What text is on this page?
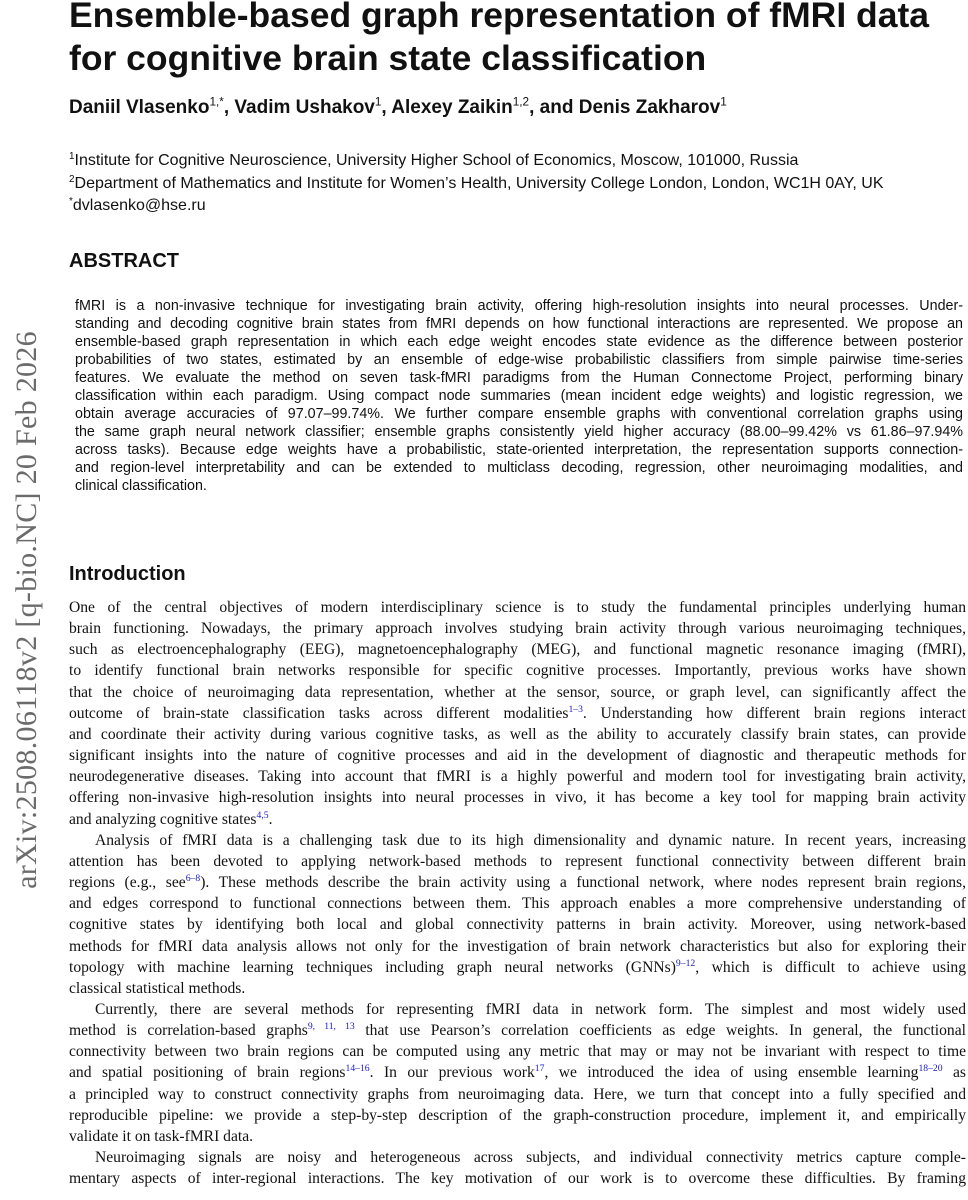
arXiv:2508.06118v2 [q-bio.NC] 20 Feb 2026
Ensemble-based graph representation of fMRI data
for cognitive brain state classification
Daniil Vlasenko$^{1,*}$, Vadim Ushakov$^1$, Alexey Zaikin$^{1,2}$, and Denis Zakharov$^1$
$^1$Institute for Cognitive Neuroscience, University Higher School of Economics, Moscow, 101000, Russia
$^2$Department of Mathematics and Institute for Women’s Health, University College London, London, WC1H 0AY, UK
*dvlasenko@hse.ru
ABSTRACT
fMRI is a non-invasive technique for investigating brain activity, offering high-resolution insights into neural processes. Under-
standing and decoding cognitive brain states from fMRI depends on how functional interactions are represented. We propose an
ensemble-based graph representation in which each edge weight encodes state evidence as the difference between posterior
probabilities of two states, estimated by an ensemble of edge-wise probabilistic classifiers from simple pairwise time-series
features. We evaluate the method on seven task-fMRI paradigms from the Human Connectome Project, performing binary
classification within each paradigm. Using compact node summaries (mean incident edge weights) and logistic regression, we
obtain average accuracies of 97.07–99.74%. We further compare ensemble graphs with conventional correlation graphs using
the same graph neural network classifier; ensemble graphs consistently yield higher accuracy (88.00–99.42% vs 61.86–97.94%
across tasks). Because edge weights have a probabilistic, state-oriented interpretation, the representation supports connection-
and region-level interpretability and can be extended to multiclass decoding, regression, other neuroimaging modalities, and
clinical classification.
Introduction
One of the central objectives of modern interdisciplinary science is to study the fundamental principles underlying human
brain functioning. Nowadays, the primary approach involves studying brain activity through various neuroimaging techniques,
such as electroencephalography (EEG), magnetoencephalography (MEG), and functional magnetic resonance imaging (fMRI),
to identify functional brain networks responsible for specific cognitive processes. Importantly, previous works have shown
that the choice of neuroimaging data representation, whether at the sensor, source, or graph level, can significantly affect the
outcome of brain-state classification tasks across different modalities$^{1-3}$. Understanding how different brain regions interact
and coordinate their activity during various cognitive tasks, as well as the ability to accurately classify brain states, can provide
significant insights into the nature of cognitive processes and aid in the development of diagnostic and therapeutic methods for
neurodegenerative diseases. Taking into account that fMRI is a highly powerful and modern tool for investigating brain activity,
offering non-invasive high-resolution insights into neural processes in vivo, it has become a key tool for mapping brain activity
and analyzing cognitive states$^{4,5}$.
Analysis of fMRI data is a challenging task due to its high dimensionality and dynamic nature. In recent years, increasing
attention has been devoted to applying network-based methods to represent functional connectivity between different brain
regions (e.g., see$^{6-8}$). These methods describe the brain activity using a functional network, where nodes represent brain regions,
and edges correspond to functional connections between them. This approach enables a more comprehensive understanding of
cognitive states by identifying both local and global connectivity patterns in brain activity. Moreover, using network-based
methods for fMRI data analysis allows not only for the investigation of brain network characteristics but also for exploring their
topology with machine learning techniques including graph neural networks (GNNs)$^{9-12}$, which is difficult to achieve using
classical statistical methods.
Currently, there are several methods for representing fMRI data in network form. The simplest and most widely used
method is correlation-based graphs$^{9, 11, 13}$ that use Pearson’s correlation coefficients as edge weights. In general, the functional
connectivity between two brain regions can be computed using any metric that may or may not be invariant with respect to time
and spatial positioning of brain regions$^{14-16}$. In our previous work$^{17}$, we introduced the idea of using ensemble learning$^{18-20}$ as
a principled way to construct connectivity graphs from neuroimaging data. Here, we turn that concept into a fully specified and
reproducible pipeline: we provide a step-by-step description of the graph-construction procedure, implement it, and empirically
validate it on task-fMRI data.
Neuroimaging signals are noisy and heterogeneous across subjects, and individual connectivity metrics capture comple-
mentary aspects of inter-regional interactions. The key motivation of our work is to overcome these difficulties. By framing
